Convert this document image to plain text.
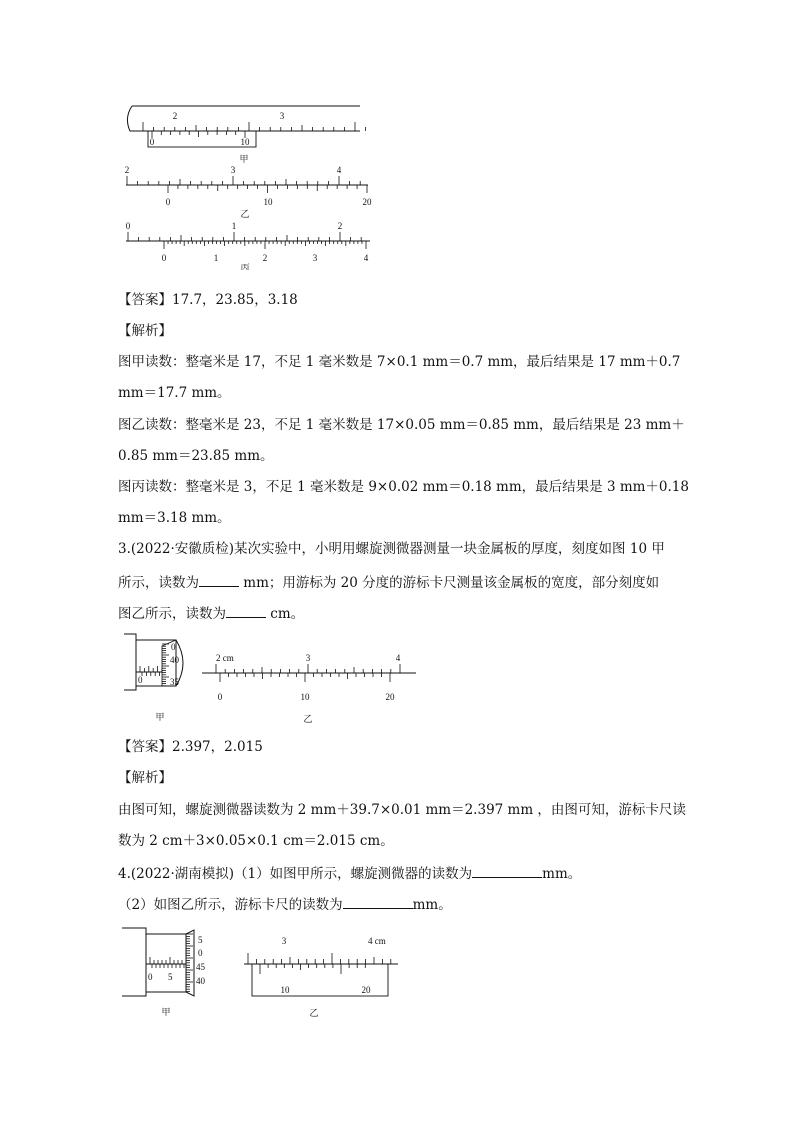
2	3
0	10
甲
2	3	4
0	10	20
乙
0	1	2
0	1	2	3	4
丙
【答案】17.7，23.85，3.18
【解析】
图甲读数：整毫米是 17，不足 1 毫米数是 7×0.1 mm＝0.7 mm，最后结果是 17 mm＋0.7
mm＝17.7 mm。
图乙读数：整毫米是 23，不足 1 毫米数是 17×0.05 mm＝0.85 mm，最后结果是 23 mm＋
0.85 mm＝23.85 mm。
图丙读数：整毫米是 3，不足 1 毫米数是 9×0.02 mm＝0.18 mm，最后结果是 3 mm＋0.18
mm＝3.18 mm。
3.(2022·安徽质检)某次实验中，小明用螺旋测微器测量一块金属板的厚度，刻度如图 10 甲
所示，读数为	mm；用游标为 20 分度的游标卡尺测量该金属板的宽度，部分刻度如
图乙所示，读数为	cm。
40
0
35
0
甲
2 cm	3	4
0	10	20
乙
【答案】2.397，2.015
【解析】
由图可知，螺旋测微器读数为 2 mm＋39.7×0.01 mm＝2.397 mm ，由图可知，游标卡尺读
数为 2 cm＋3×0.05×0.1 cm＝2.015 cm。
4.(2022·湖南模拟)（1）如图甲所示，螺旋测微器的读数为	mm。
（2）如图乙所示，游标卡尺的读数为	mm。
5
0
45
40
0 5
甲
3	4 cm
10	20
乙
